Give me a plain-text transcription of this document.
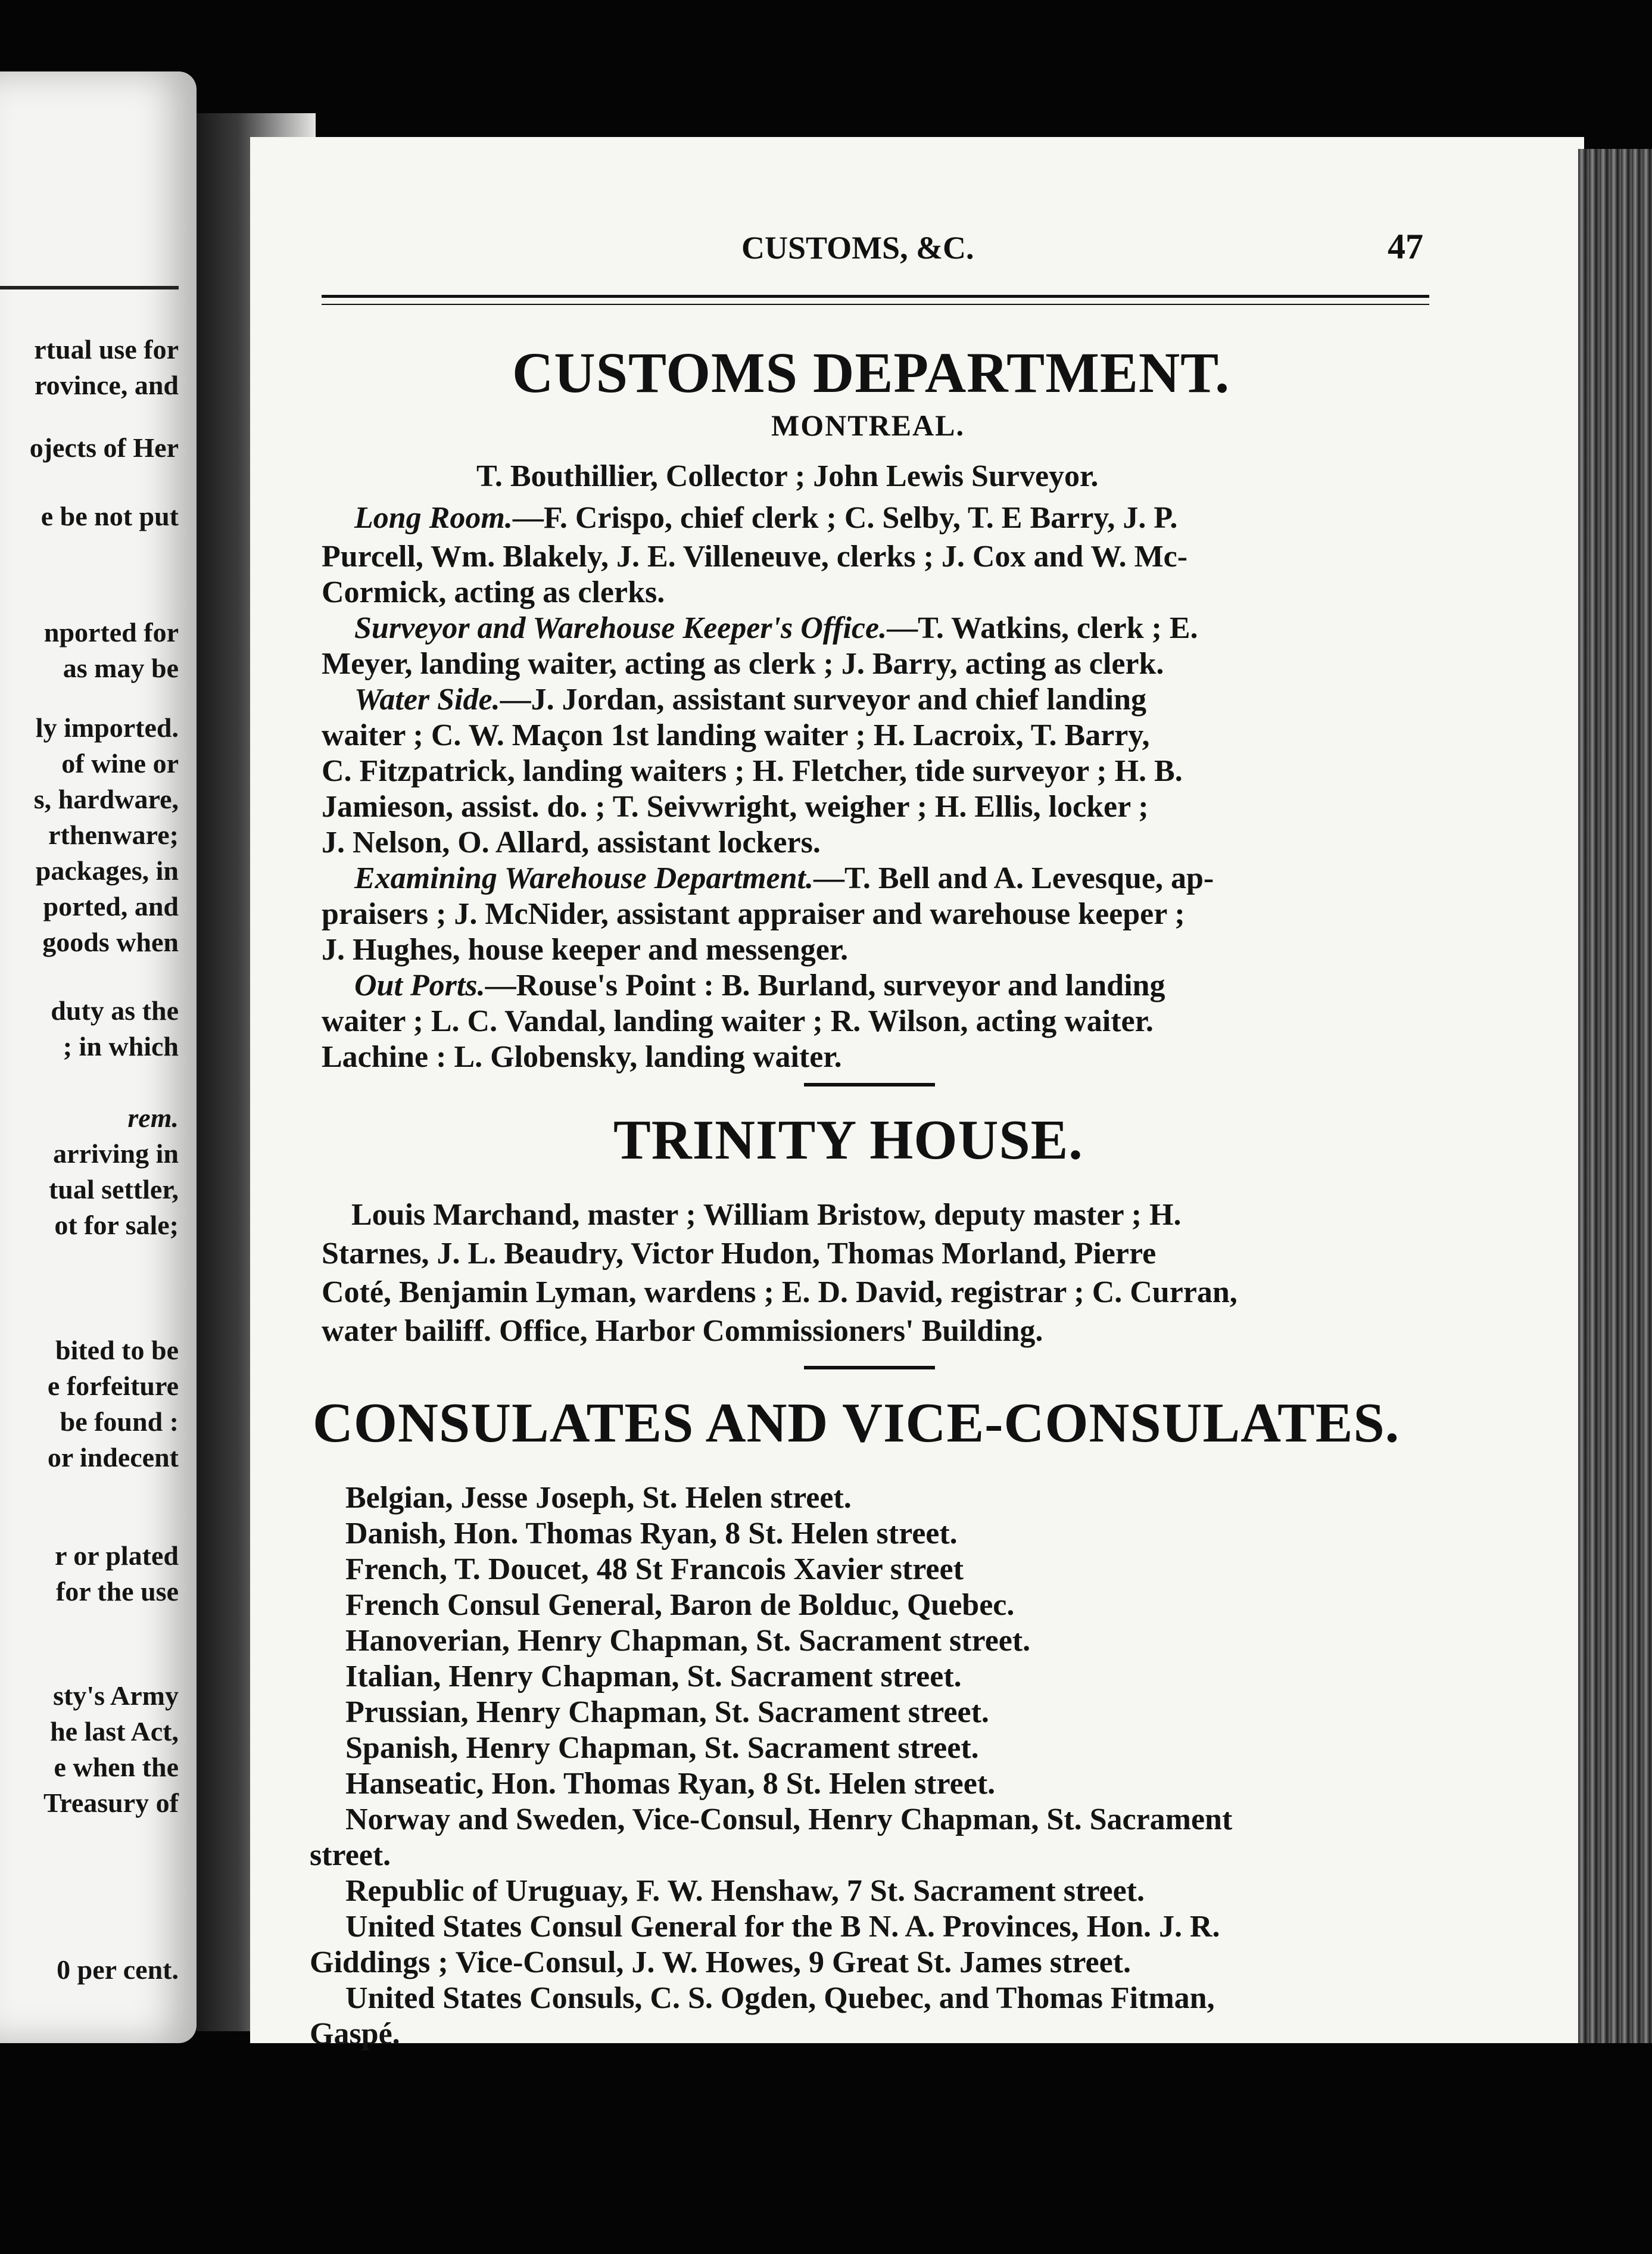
rtual use for
rovince, and
ojects of Her
e be not put
nported for
as may be
ly imported.
of wine or
s, hardware,
rthenware;
packages, in
ported, and
goods when
duty as the
; in which
rem.
arriving in
tual settler,
ot for sale;
bited to be
e forfeiture
be found :
or indecent
r or plated
for the use
sty's Army
he last Act,
e when the
Treasury of
0 per cent.
CUSTOMS, &C.	47
CUSTOMS DEPARTMENT.
MONTREAL.
T. Bouthillier, Collector ; John Lewis Surveyor.
Long Room.—F. Crispo, chief clerk ; C. Selby, T. E Barry, J. P.
Purcell, Wm. Blakely, J. E. Villeneuve, clerks ; J. Cox and W. Mc-
Cormick, acting as clerks.
Surveyor and Warehouse Keeper's Office.—T. Watkins, clerk ; E.
Meyer, landing waiter, acting as clerk ; J. Barry, acting as clerk.
Water Side.—J. Jordan, assistant surveyor and chief landing
waiter ; C. W. Maçon 1st landing waiter ; H. Lacroix, T. Barry,
C. Fitzpatrick, landing waiters ; H. Fletcher, tide surveyor ; H. B.
Jamieson, assist. do. ; T. Seivwright, weigher ; H. Ellis, locker ;
J. Nelson, O. Allard, assistant lockers.
Examining Warehouse Department.—T. Bell and A. Levesque, ap-
praisers ; J. McNider, assistant appraiser and warehouse keeper ;
J. Hughes, house keeper and messenger.
Out Ports.—Rouse's Point : B. Burland, surveyor and landing
waiter ; L. C. Vandal, landing waiter ; R. Wilson, acting waiter.
Lachine : L. Globensky, landing waiter.
TRINITY HOUSE.
Louis Marchand, master ; William Bristow, deputy master ; H.
Starnes, J. L. Beaudry, Victor Hudon, Thomas Morland, Pierre
Coté, Benjamin Lyman, wardens ; E. D. David, registrar ; C. Curran,
water bailiff. Office, Harbor Commissioners' Building.
CONSULATES AND VICE-CONSULATES.
Belgian, Jesse Joseph, St. Helen street.
Danish, Hon. Thomas Ryan, 8 St. Helen street.
French, T. Doucet, 48 St Francois Xavier street
French Consul General, Baron de Bolduc, Quebec.
Hanoverian, Henry Chapman, St. Sacrament street.
Italian, Henry Chapman, St. Sacrament street.
Prussian, Henry Chapman, St. Sacrament street.
Spanish, Henry Chapman, St. Sacrament street.
Hanseatic, Hon. Thomas Ryan, 8 St. Helen street.
Norway and Sweden, Vice-Consul, Henry Chapman, St. Sacrament
street.
Republic of Uruguay, F. W. Henshaw, 7 St. Sacrament street.
United States Consul General for the B N. A. Provinces, Hon. J. R.
Giddings ; Vice-Consul, J. W. Howes, 9 Great St. James street.
United States Consuls, C. S. Ogden, Quebec, and Thomas Fitman,
Gaspé.
